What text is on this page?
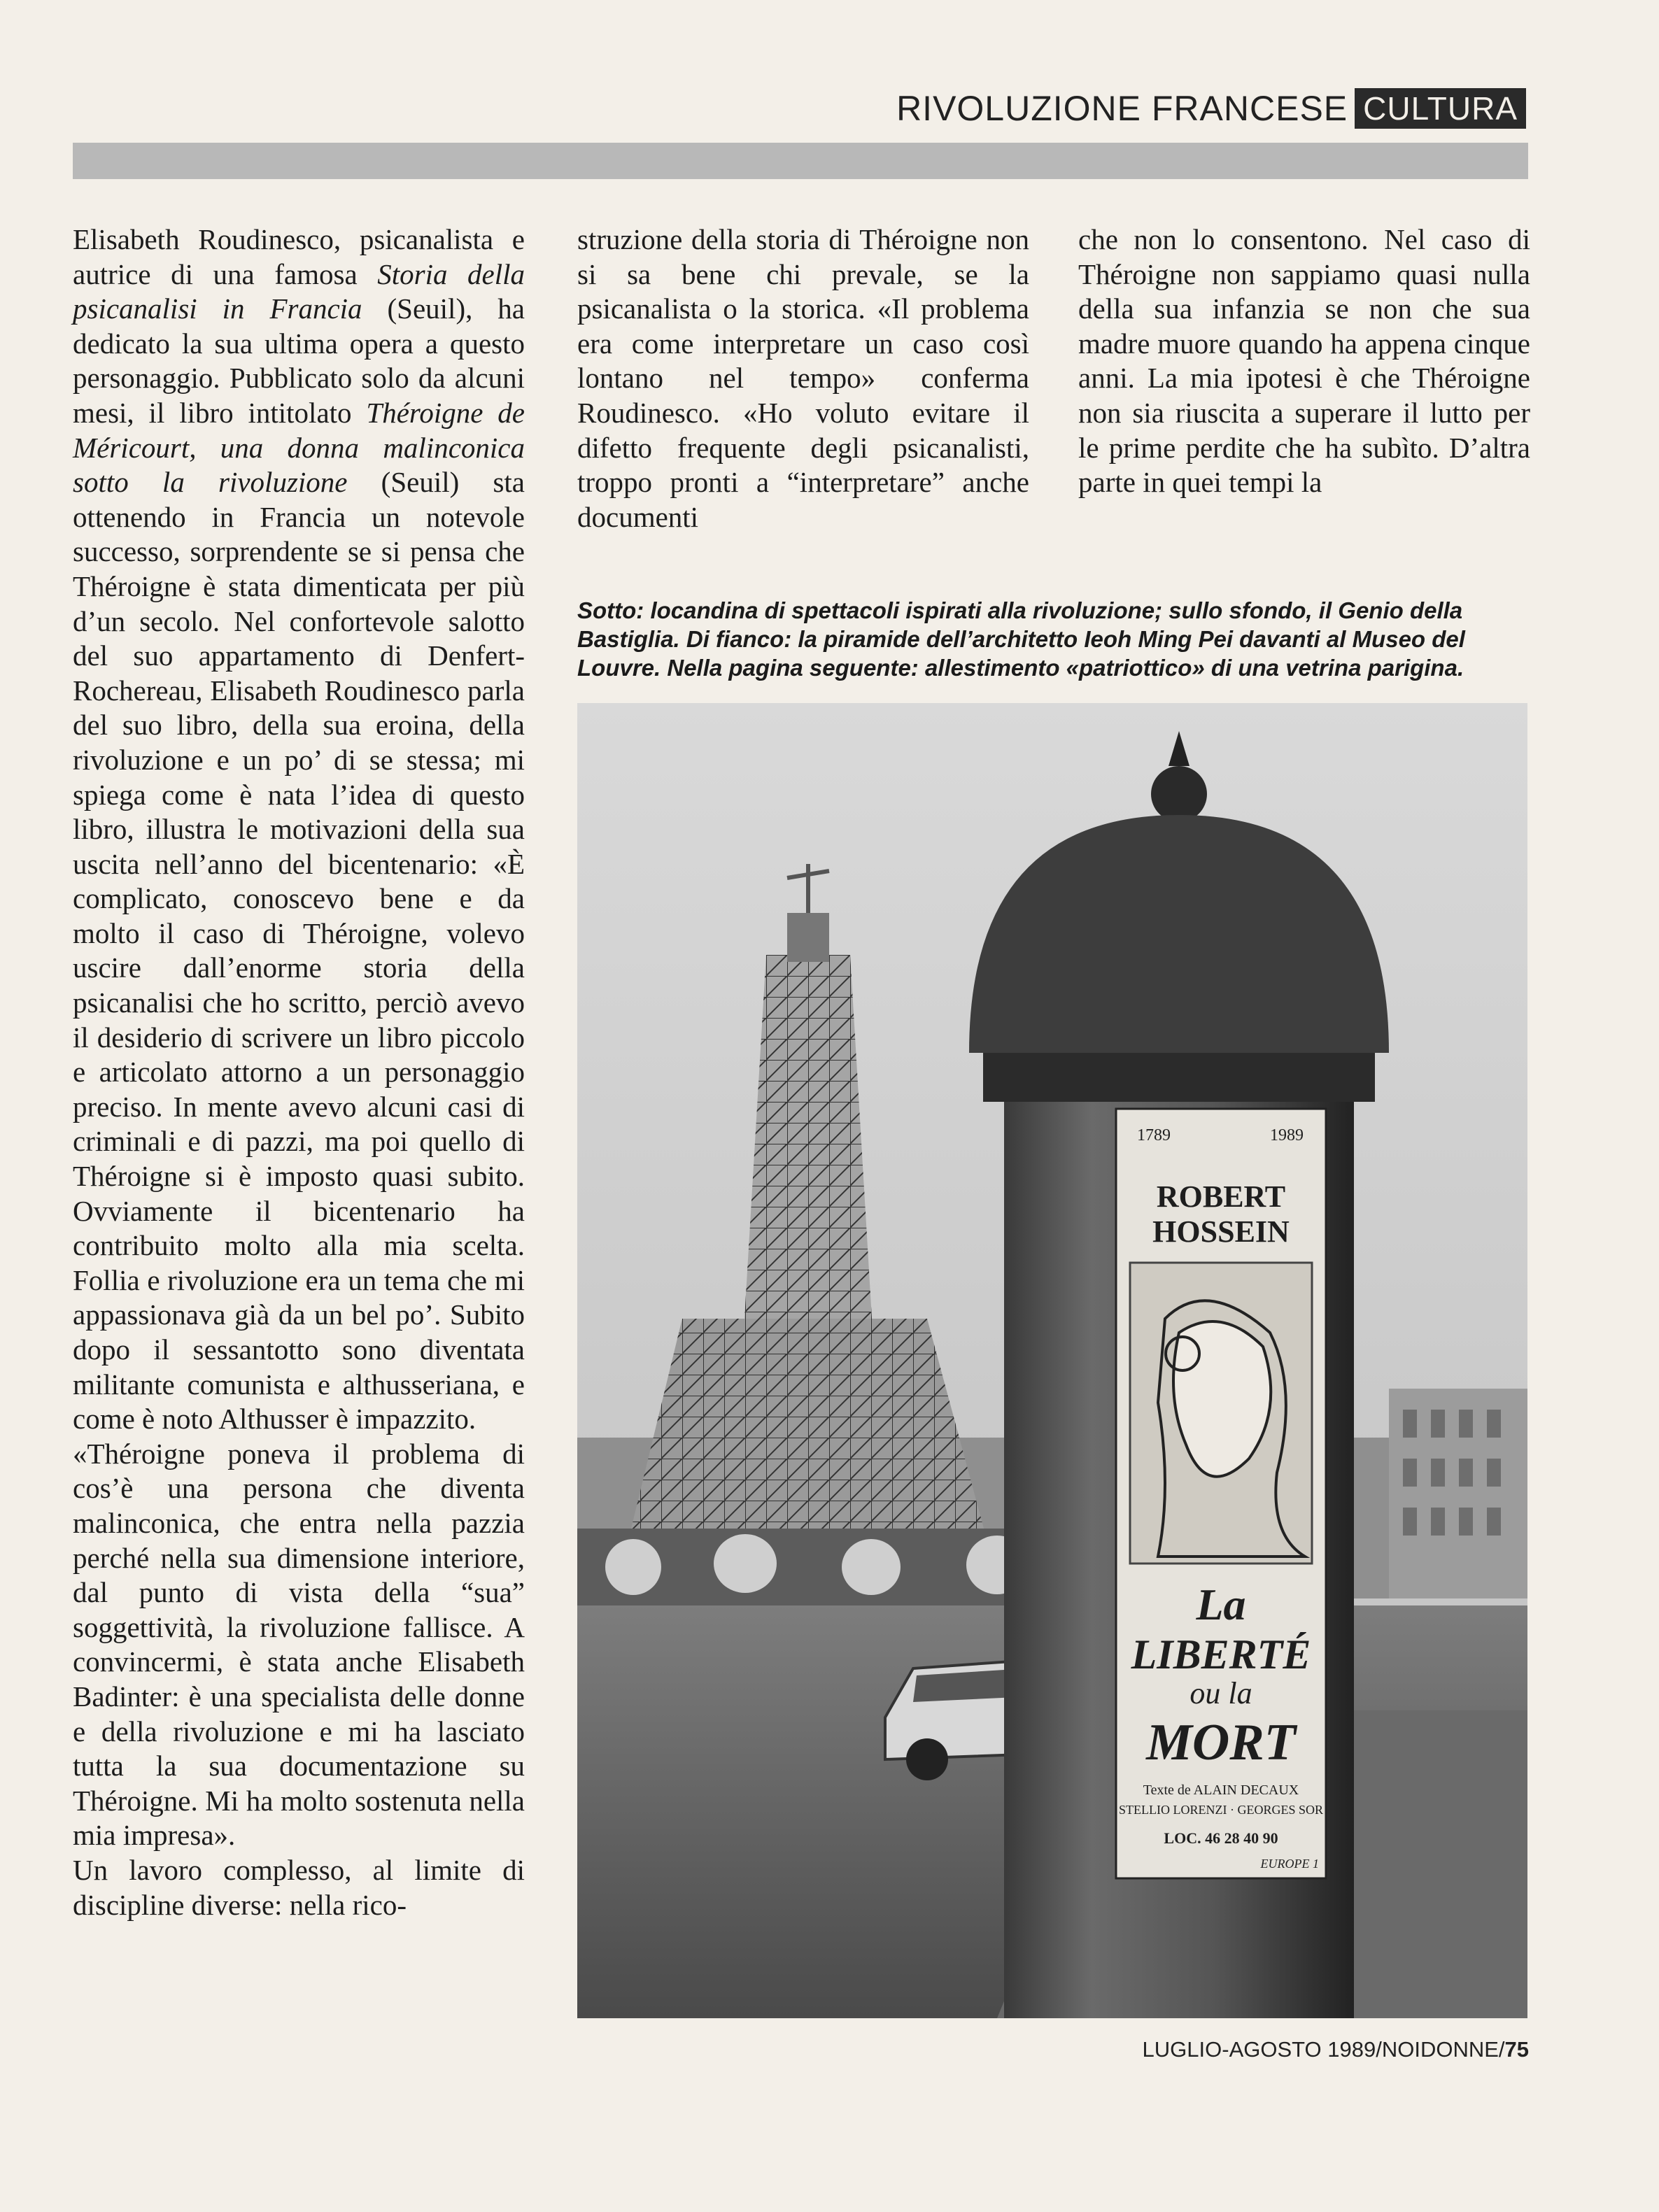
RIVOLUZIONE FRANCESE CULTURA

Elisabeth Roudinesco, psicanalista e autrice di una famosa Storia della psicanalisi in Francia (Seuil), ha dedicato la sua ultima opera a questo personaggio. Pubblicato solo da alcuni mesi, il libro intitolato Théroigne de Méricourt, una donna malinconica sotto la rivoluzione (Seuil) sta ottenendo in Francia un notevole successo, sorprendente se si pensa che Théroigne è stata dimenticata per più d’un secolo. Nel confortevole salotto del suo appartamento di Denfert-Rochereau, Elisabeth Roudinesco parla del suo libro, della sua eroina, della rivoluzione e un po’ di se stessa; mi spiega come è nata l’idea di questo libro, illustra le motivazioni della sua uscita nell’anno del bicentenario: «È complicato, conoscevo bene e da molto il caso di Théroigne, volevo uscire dall’enorme storia della psicanalisi che ho scritto, perciò avevo il desiderio di scrivere un libro piccolo e articolato attorno a un personaggio preciso. In mente avevo alcuni casi di criminali e di pazzi, ma poi quello di Théroigne si è imposto quasi subito. Ovviamente il bicentenario ha contribuito molto alla mia scelta. Follia e rivoluzione era un tema che mi appassionava già da un bel po’. Subito dopo il sessantotto sono diventata militante comunista e althusseriana, e come è noto Althusser è impazzito.

«Théroigne poneva il problema di cos’è una persona che diventa malinconica, che entra nella pazzia perché nella sua dimensione interiore, dal punto di vista della “sua” soggettività, la rivoluzione fallisce. A convincermi, è stata anche Elisabeth Badinter: è una specialista delle donne e della rivoluzione e mi ha lasciato tutta la sua documentazione su Théroigne. Mi ha molto sostenuta nella mia impresa».

Un lavoro complesso, al limite di discipline diverse: nella rico-

struzione della storia di Théroigne non si sa bene chi prevale, se la psicanalista o la storica. «Il problema era come interpretare un caso così lontano nel tempo» conferma Roudinesco. «Ho voluto evitare il difetto frequente degli psicanalisti, troppo pronti a “interpretare” anche documenti

che non lo consentono. Nel caso di Théroigne non sappiamo quasi nulla della sua infanzia se non che sua madre muore quando ha appena cinque anni. La mia ipotesi è che Théroigne non sia riuscita a superare il lutto per le prime perdite che ha subìto. D’altra parte in quei tempi la

Sotto: locandina di spettacoli ispirati alla rivoluzione; sullo sfondo, il Genio della Bastiglia. Di fianco: la piramide dell’architetto Ieoh Ming Pei davanti al Museo del Louvre. Nella pagina seguente: allestimento «patriottico» di una vetrina parigina.
1789	1989
ROBERT
HOSSEIN
La
LIBERTÉ
ou la
MORT
Texte de ALAIN DECAUX
STELLIO LORENZI · GEORGES SOR
LOC. 46 28 40 90
EUROPE 1
LUGLIO-AGOSTO 1989/NOIDONNE/75
